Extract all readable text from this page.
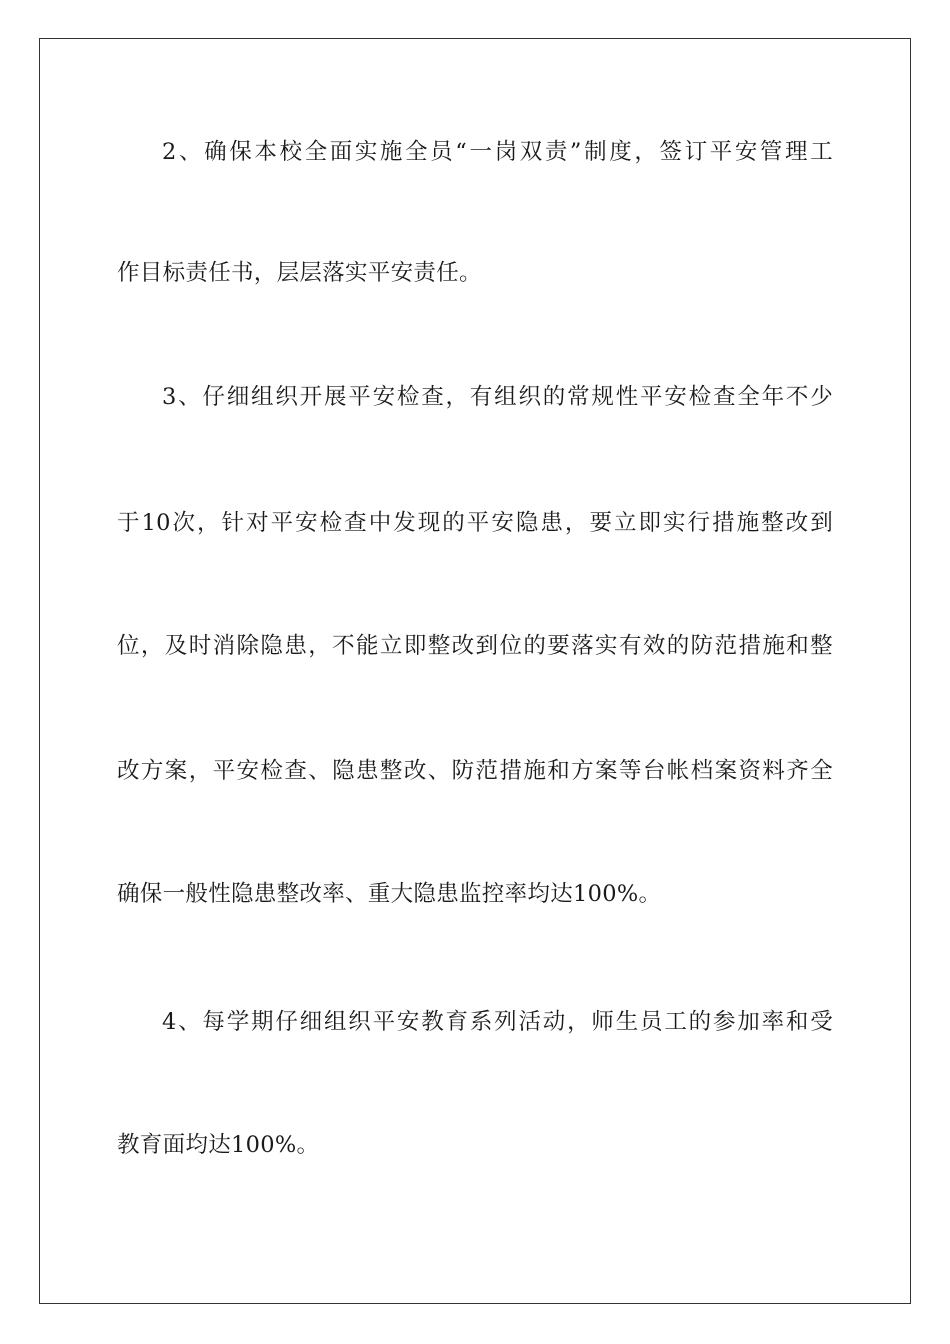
2、确保本校全面实施全员“一岗双责”制度，签订平安管理工
作目标责任书，层层落实平安责任。
3、仔细组织开展平安检查，有组织的常规性平安检查全年不少
于10次，针对平安检查中发现的平安隐患，要立即实行措施整改到
位，及时消除隐患，不能立即整改到位的要落实有效的防范措施和整
改方案，平安检查、隐患整改、防范措施和方案等台帐档案资料齐全
确保一般性隐患整改率、重大隐患监控率均达100%。
4、每学期仔细组织平安教育系列活动，师生员工的参加率和受
教育面均达100%。
